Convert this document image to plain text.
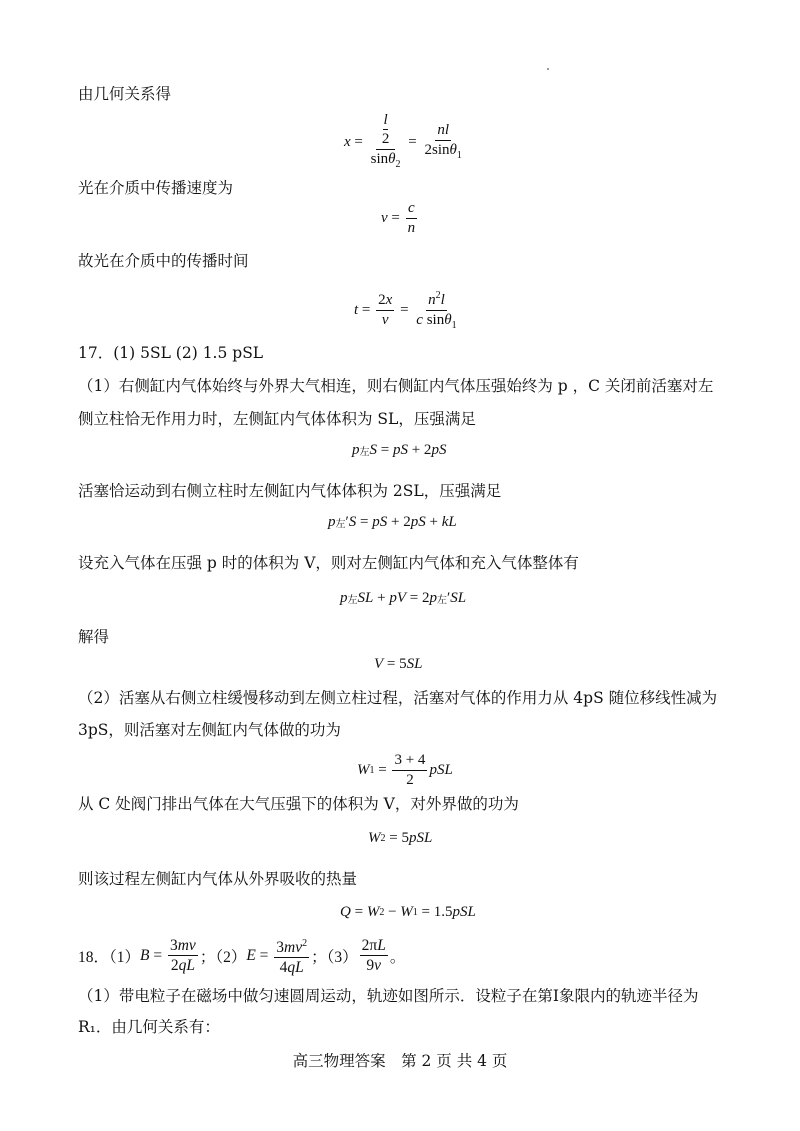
由几何关系得
$x = \frac{\frac{l}{2}}{\sin\theta_2} = \frac{nl}{2\sin\theta_1}$
光在介质中传播速度为
$v = \frac{c}{n}$
故光在介质中的传播时间
$t = \frac{2x}{v} = \frac{n^2l}{c \sin\theta_1}$
17．(1) 5SL (2) 1.5 pSL
（1）右侧缸内气体始终与外界大气相连，则右侧缸内气体压强始终为 p ，C 关闭前活塞对左
侧立柱恰无作用力时，左侧缸内气体体积为 SL，压强满足
p 左 S = pS + 2 pS
活塞恰运动到右侧立柱时左侧缸内气体体积为 2SL，压强满足
p 左 ′ S = pS + 2 pS + kL
设充入气体在压强 p 时的体积为 V，则对左侧缸内气体和充入气体整体有
p 左 SL + pV = 2 p 左 ′ SL
解得
V = 5 SL
（2）活塞从右侧立柱缓慢移动到左侧立柱过程，活塞对气体的作用力从 4pS 随位移线性减为
3pS，则活塞对左侧缸内气体做的功为
W $1 = \frac{3 + 4}{2}$ pSL
从 C 处阀门排出气体在大气压强下的体积为 V，对外界做的功为
W 2 = 5 pSL
则该过程左侧缸内气体从外界吸收的热量
Q = W 2 − W 1 = 1.5 pSL
18．（1） $B = \frac{3mv}{2qL}$ ；（2） $E = \frac{3mv^2}{4qL}$ ；$(3) \frac{2\pi L}{9v}$ 。
（1）带电粒子在磁场中做匀速圆周运动，轨迹如图所示．设粒子在第Ⅰ象限内的轨迹半径为
R₁．由几何关系有：
高三物理答案　第 2 页 共 4 页
